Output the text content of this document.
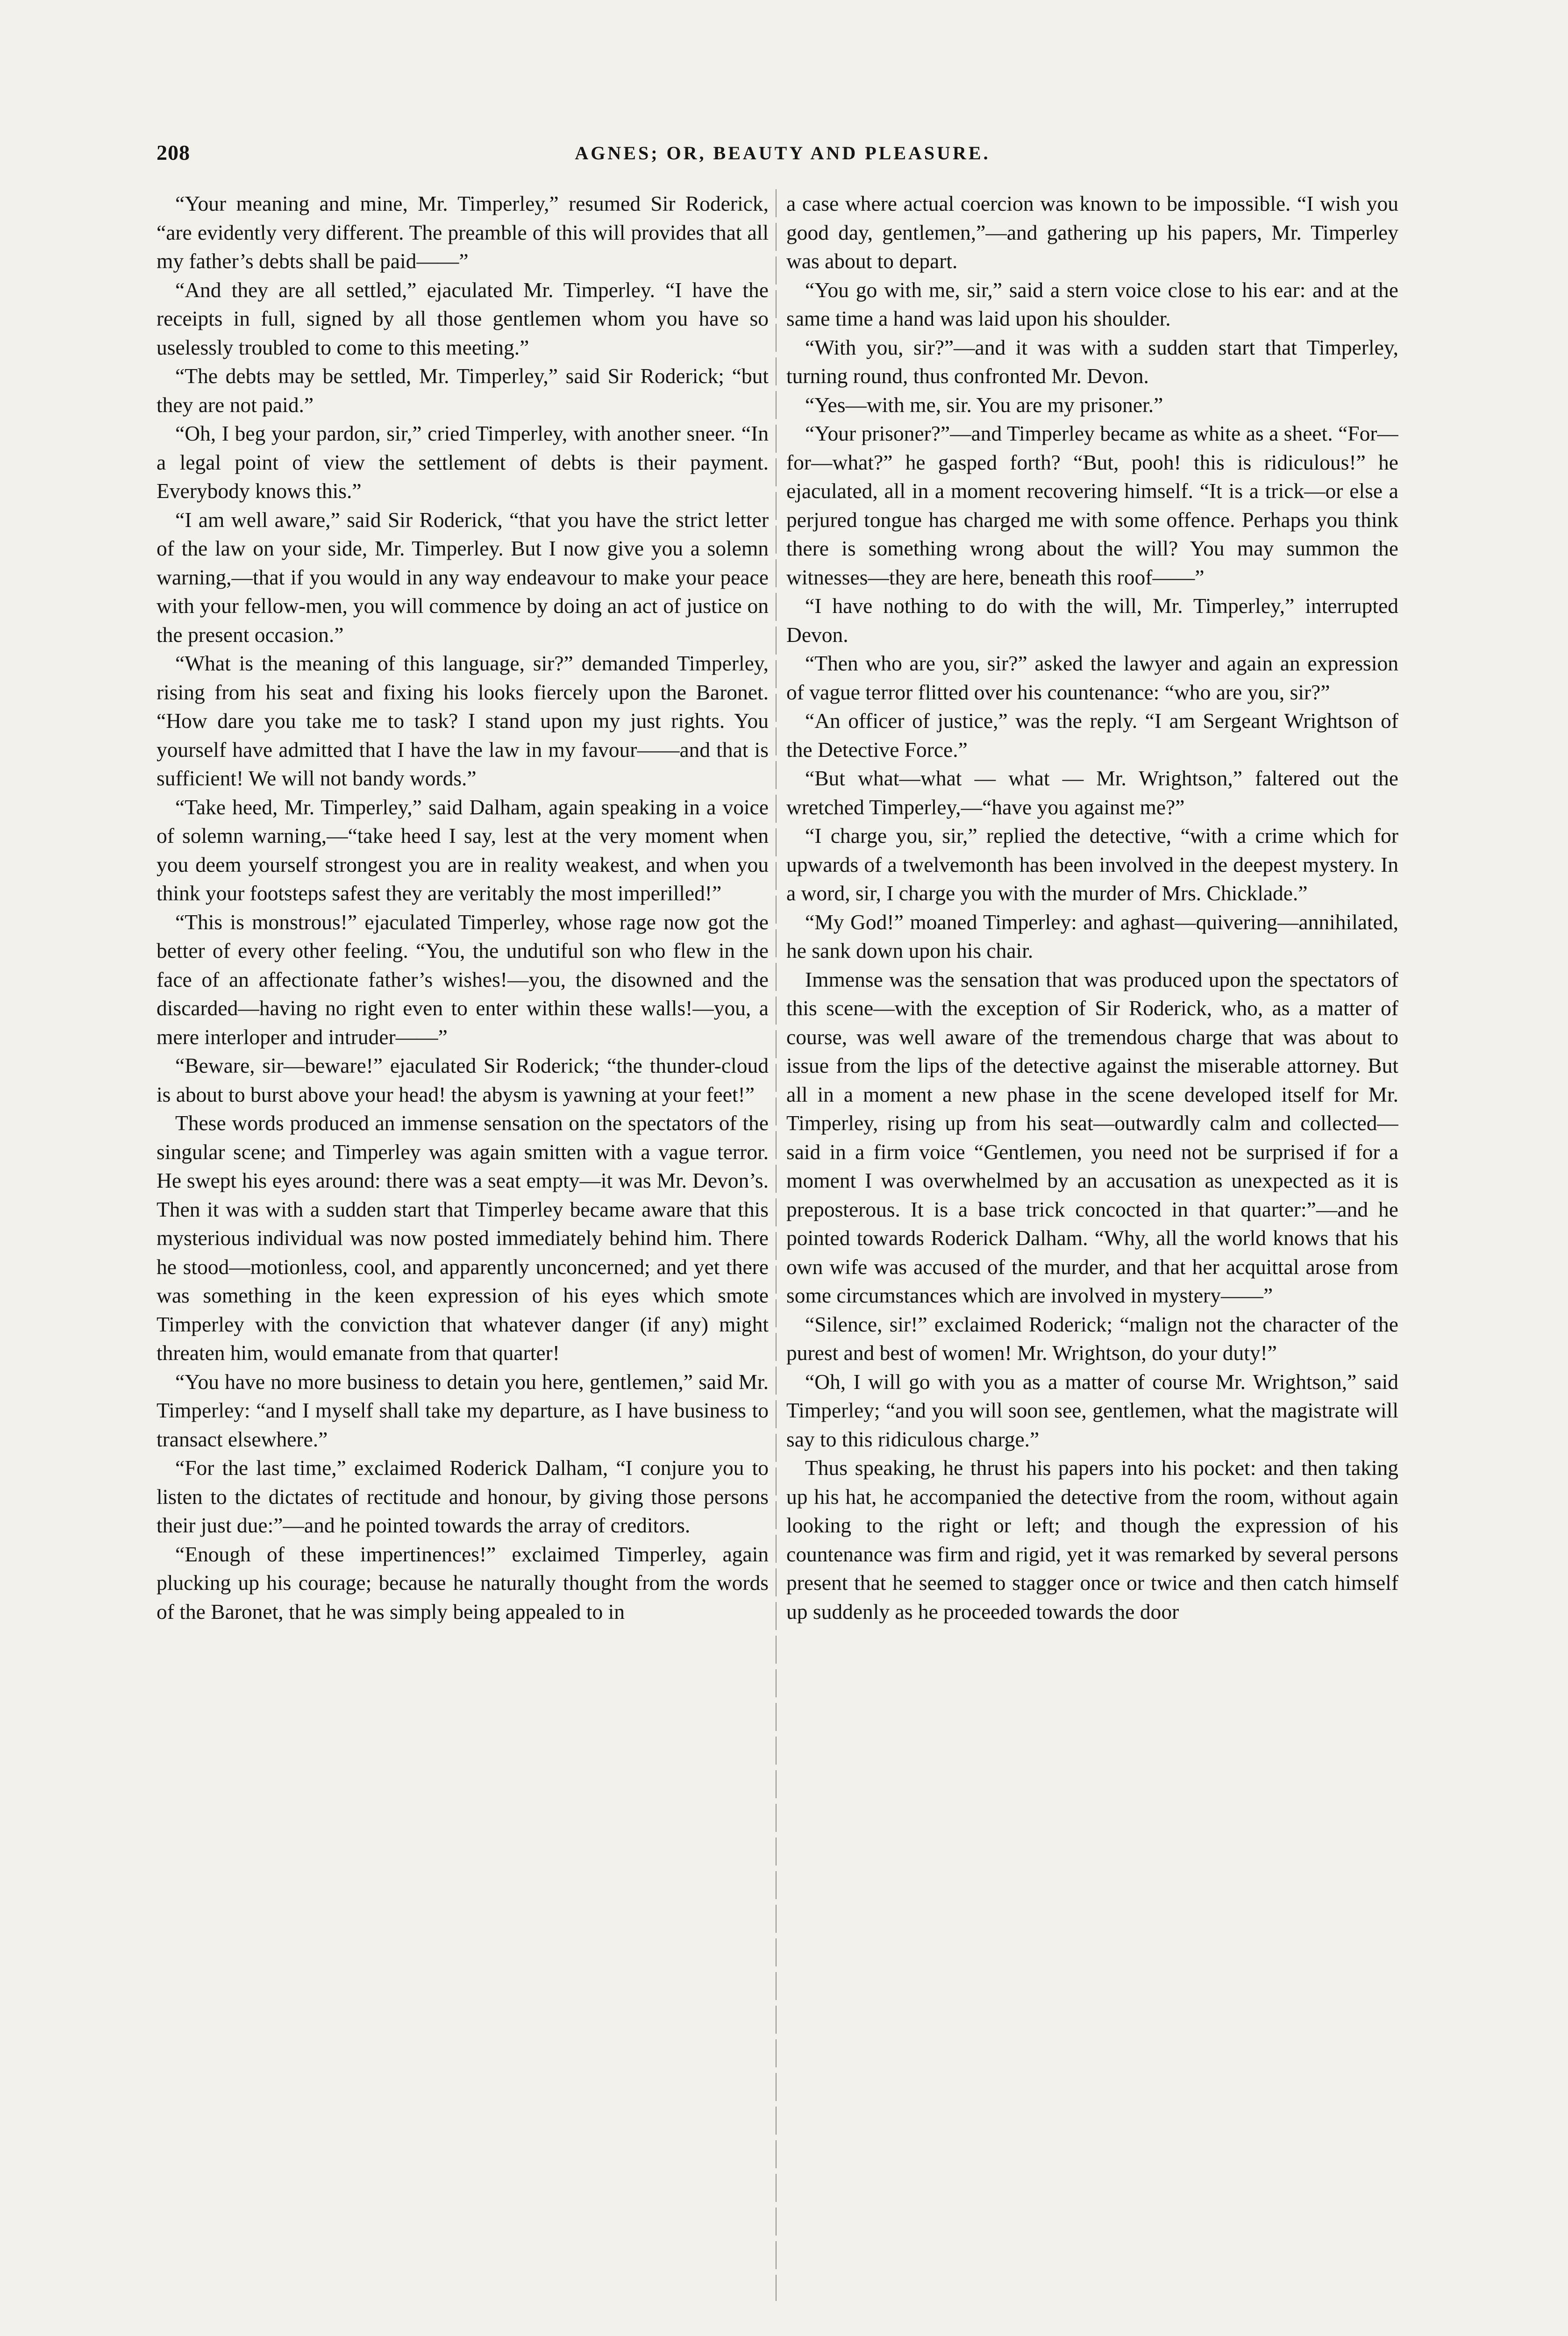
208	AGNES; OR, BEAUTY AND PLEASURE.

“Your meaning and mine, Mr. Timperley,” resumed Sir Roderick, “are evidently very different. The preamble of this will provides that all my father’s debts shall be paid——”

“And they are all settled,” ejaculated Mr. Timperley. “I have the receipts in full, signed by all those gentlemen whom you have so uselessly troubled to come to this meeting.”

“The debts may be settled, Mr. Timperley,” said Sir Roderick; “but they are not paid.”

“Oh, I beg your pardon, sir,” cried Timperley, with another sneer. “In a legal point of view the settlement of debts is their payment. Everybody knows this.”

“I am well aware,” said Sir Roderick, “that you have the strict letter of the law on your side, Mr. Timperley. But I now give you a solemn warning,—that if you would in any way endeavour to make your peace with your fellow-men, you will commence by doing an act of justice on the present occasion.”

“What is the meaning of this language, sir?” demanded Timperley, rising from his seat and fixing his looks fiercely upon the Baronet. “How dare you take me to task? I stand upon my just rights. You yourself have admitted that I have the law in my favour——and that is sufficient! We will not bandy words.”

“Take heed, Mr. Timperley,” said Dalham, again speaking in a voice of solemn warning,—“take heed I say, lest at the very moment when you deem yourself strongest you are in reality weakest, and when you think your footsteps safest they are veritably the most imperilled!”

“This is monstrous!” ejaculated Timperley, whose rage now got the better of every other feeling. “You, the undutiful son who flew in the face of an affectionate father’s wishes!—you, the disowned and the discarded—having no right even to enter within these walls!—you, a mere interloper and intruder——”

“Beware, sir—beware!” ejaculated Sir Roderick; “the thunder-cloud is about to burst above your head! the abysm is yawning at your feet!”

These words produced an immense sensation on the spectators of the singular scene; and Timperley was again smitten with a vague terror. He swept his eyes around: there was a seat empty—it was Mr. Devon’s. Then it was with a sudden start that Timperley became aware that this mysterious individual was now posted immediately behind him. There he stood—motionless, cool, and apparently unconcerned; and yet there was something in the keen expression of his eyes which smote Timperley with the conviction that whatever danger (if any) might threaten him, would emanate from that quarter!

“You have no more business to detain you here, gentlemen,” said Mr. Timperley: “and I myself shall take my departure, as I have business to transact elsewhere.”

“For the last time,” exclaimed Roderick Dalham, “I conjure you to listen to the dictates of rectitude and honour, by giving those persons their just due:”—and he pointed towards the array of creditors.

“Enough of these impertinences!” exclaimed Timperley, again plucking up his courage; because he naturally thought from the words of the Baronet, that he was simply being appealed to in

a case where actual coercion was known to be impossible. “I wish you good day, gentlemen,”—and gathering up his papers, Mr. Timperley was about to depart.

“You go with me, sir,” said a stern voice close to his ear: and at the same time a hand was laid upon his shoulder.

“With you, sir?”—and it was with a sudden start that Timperley, turning round, thus confronted Mr. Devon.

“Yes—with me, sir. You are my prisoner.”

“Your prisoner?”—and Timperley became as white as a sheet. “For—for—what?” he gasped forth? “But, pooh! this is ridiculous!” he ejaculated, all in a moment recovering himself. “It is a trick—or else a perjured tongue has charged me with some offence. Perhaps you think there is something wrong about the will? You may summon the witnesses—they are here, beneath this roof——”

“I have nothing to do with the will, Mr. Timperley,” interrupted Devon.

“Then who are you, sir?” asked the lawyer and again an expression of vague terror flitted over his countenance: “who are you, sir?”

“An officer of justice,” was the reply. “I am Sergeant Wrightson of the Detective Force.”

“But what—what — what — Mr. Wrightson,” faltered out the wretched Timperley,—“have you against me?”

“I charge you, sir,” replied the detective, “with a crime which for upwards of a twelvemonth has been involved in the deepest mystery. In a word, sir, I charge you with the murder of Mrs. Chicklade.”

“My God!” moaned Timperley: and aghast—quivering—annihilated, he sank down upon his chair.

Immense was the sensation that was produced upon the spectators of this scene—with the exception of Sir Roderick, who, as a matter of course, was well aware of the tremendous charge that was about to issue from the lips of the detective against the miserable attorney. But all in a moment a new phase in the scene developed itself for Mr. Timperley, rising up from his seat—outwardly calm and collected—said in a firm voice “Gentlemen, you need not be surprised if for a moment I was overwhelmed by an accusation as unexpected as it is preposterous. It is a base trick concocted in that quarter:”—and he pointed towards Roderick Dalham. “Why, all the world knows that his own wife was accused of the murder, and that her acquittal arose from some circumstances which are involved in mystery——”

“Silence, sir!” exclaimed Roderick; “malign not the character of the purest and best of women! Mr. Wrightson, do your duty!”

“Oh, I will go with you as a matter of course Mr. Wrightson,” said Timperley; “and you will soon see, gentlemen, what the magistrate will say to this ridiculous charge.”

Thus speaking, he thrust his papers into his pocket: and then taking up his hat, he accompanied the detective from the room, without again looking to the right or left; and though the expression of his countenance was firm and rigid, yet it was remarked by several persons present that he seemed to stagger once or twice and then catch himself up suddenly as he proceeded towards the door
